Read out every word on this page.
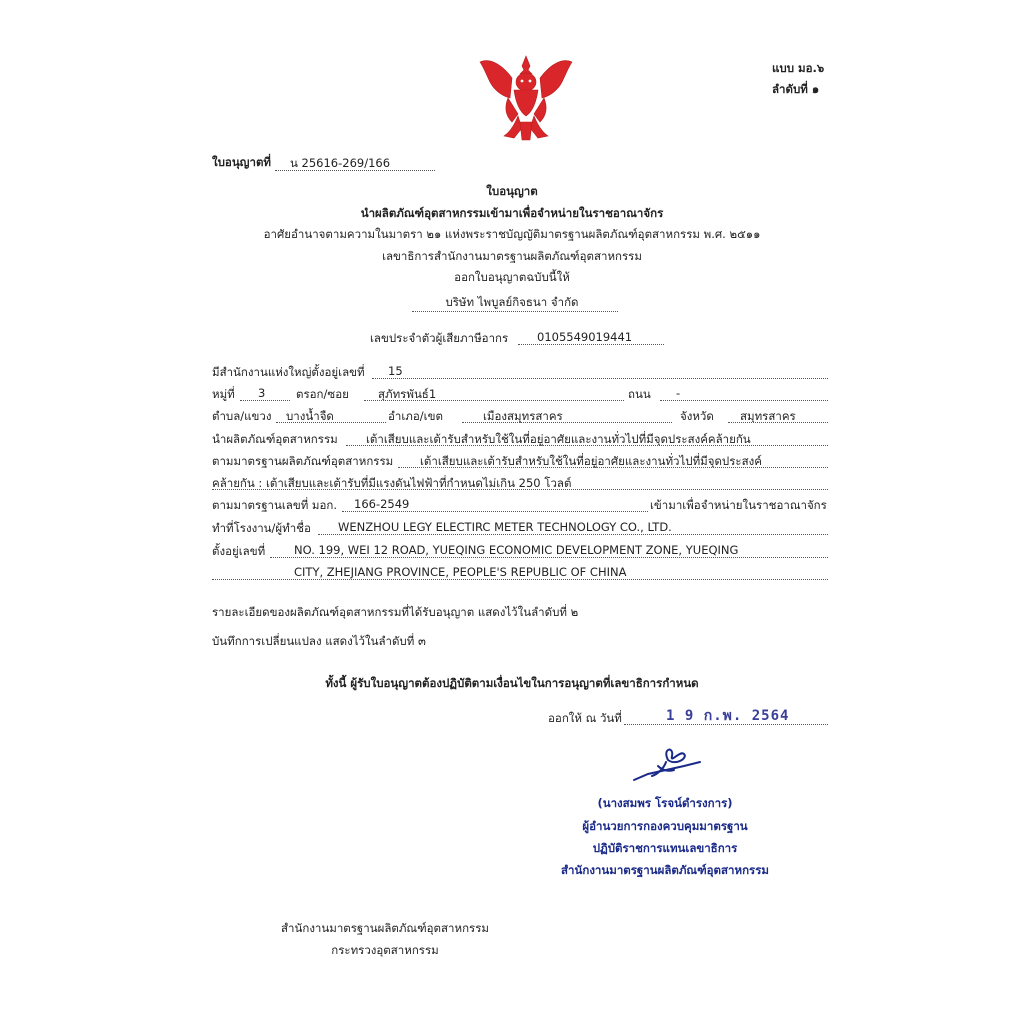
แบบ มอ.๖
ลำดับที่ ๑
ใบอนุญาตที่ น 25616-269/166
ใบอนุญาต
นำผลิตภัณฑ์อุตสาหกรรมเข้ามาเพื่อจำหน่ายในราชอาณาจักร
อาศัยอำนาจตามความในมาตรา ๒๑ แห่งพระราชบัญญัติมาตรฐานผลิตภัณฑ์อุตสาหกรรม พ.ศ. ๒๕๑๑
เลขาธิการสำนักงานมาตรฐานผลิตภัณฑ์อุตสาหกรรม
ออกใบอนุญาตฉบับนี้ให้
บริษัท ไพบูลย์กิจธนา จำกัด
เลขประจำตัวผู้เสียภาษีอากร	0105549019441
มีสำนักงานแห่งใหญ่ตั้งอยู่เลขที่ 15
หมู่ที่ 3	ตรอก/ซอย	สุภัทรพันธ์1	ถนน -
ตำบล/แขวง บางน้ำจืด	อำเภอ/เขต	เมืองสมุทรสาคร	จังหวัด สมุทรสาคร
นำผลิตภัณฑ์อุตสาหกรรม เต้าเสียบและเต้ารับสำหรับใช้ในที่อยู่อาศัยและงานทั่วไปที่มีจุดประสงค์คล้ายกัน
ตามมาตรฐานผลิตภัณฑ์อุตสาหกรรม เต้าเสียบและเต้ารับสำหรับใช้ในที่อยู่อาศัยและงานทั่วไปที่มีจุดประสงค์
คล้ายกัน : เต้าเสียบและเต้ารับที่มีแรงดันไฟฟ้าที่กำหนดไม่เกิน 250 โวลต์
ตามมาตรฐานเลขที่ มอก. 166-2549	เข้ามาเพื่อจำหน่ายในราชอาณาจักร
ทำที่โรงงาน/ผู้ทำชื่อ WENZHOU LEGY ELECTIRC METER TECHNOLOGY CO., LTD.
ตั้งอยู่เลขที่	NO. 199, WEI 12 ROAD, YUEQING ECONOMIC DEVELOPMENT ZONE, YUEQING
CITY, ZHEJIANG PROVINCE, PEOPLE'S REPUBLIC OF CHINA
รายละเอียดของผลิตภัณฑ์อุตสาหกรรมที่ได้รับอนุญาต แสดงไว้ในลำดับที่ ๒
บันทึกการเปลี่ยนแปลง แสดงไว้ในลำดับที่ ๓
ทั้งนี้ ผู้รับใบอนุญาตต้องปฏิบัติตามเงื่อนไขในการอนุญาตที่เลขาธิการกำหนด
ออกให้ ณ วันที่	1 9 ก.พ. 2564
(นางสมพร โรจน์ดำรงการ)
ผู้อำนวยการกองควบคุมมาตรฐาน
ปฏิบัติราชการแทนเลขาธิการ
สำนักงานมาตรฐานผลิตภัณฑ์อุตสาหกรรม
สำนักงานมาตรฐานผลิตภัณฑ์อุตสาหกรรม
กระทรวงอุตสาหกรรม
